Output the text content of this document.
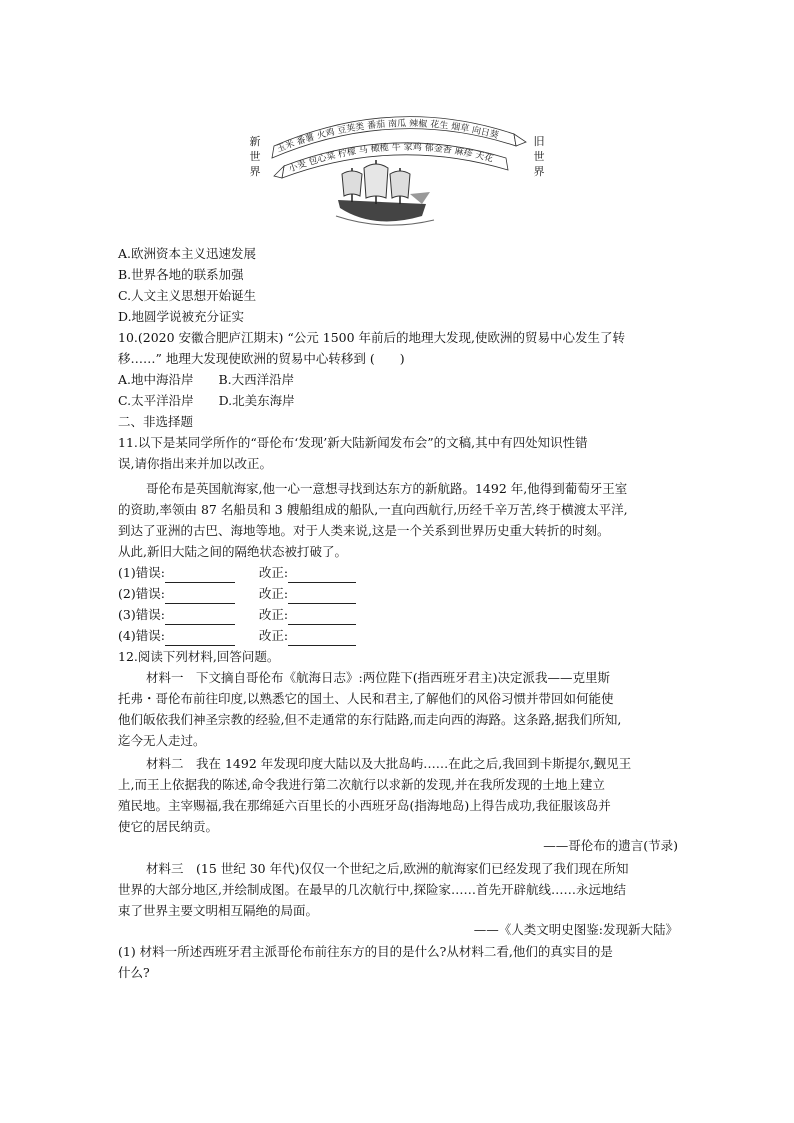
新
世
界
旧
世
界
玉米 番薯 火鸡 豆荚类 番茄 南瓜 辣椒 花生 烟草 向日葵
小麦 包心菜 柠檬 马 橄榄 牛 家鸡 郁金香 麻疹 天花
A.欧洲资本主义迅速发展
B.世界各地的联系加强
C.人文主义思想开始诞生
D.地圆学说被充分证实
10.(2020 安徽合肥庐江期末) “公元 1500 年前后的地理大发现,使欧洲的贸易中心发生了转
移……” 地理大发现使欧洲的贸易中心转移到 (　　)
A.地中海沿岸　　B.大西洋沿岸
C.太平洋沿岸　　D.北美东海岸
二、非选择题
11.以下是某同学所作的“哥伦布‘发现’新大陆新闻发布会”的文稿,其中有四处知识性错
误,请你指出来并加以改正。
哥伦布是英国航海家,他一心一意想寻找到达东方的新航路。1492 年,他得到葡萄牙王室
的资助,率领由 87 名船员和 3 艘船组成的船队,一直向西航行,历经千辛万苦,终于横渡太平洋,
到达了亚洲的古巴、海地等地。对于人类来说,这是一个关系到世界历史重大转折的时刻。
从此,新旧大陆之间的隔绝状态被打破了。
(1)错误:	改正:
(2)错误:	改正:
(3)错误:	改正:
(4)错误:	改正:
12.阅读下列材料,回答问题。
材料一　下文摘自哥伦布《航海日志》:两位陛下(指西班牙君主)决定派我——克里斯
托弗・哥伦布前往印度,以熟悉它的国土、人民和君主,了解他们的风俗习惯并带回如何能使
他们皈依我们神圣宗教的经验,但不走通常的东行陆路,而走向西的海路。这条路,据我们所知,
迄今无人走过。
材料二　我在 1492 年发现印度大陆以及大批岛屿……在此之后,我回到卡斯提尔,觐见王
上,而王上依据我的陈述,命令我进行第二次航行以求新的发现,并在我所发现的土地上建立
殖民地。主宰赐福,我在那绵延六百里长的小西班牙岛(指海地岛)上得告成功,我征服该岛并
使它的居民纳贡。
——哥伦布的遗言(节录)
材料三　(15 世纪 30 年代)仅仅一个世纪之后,欧洲的航海家们已经发现了我们现在所知
世界的大部分地区,并绘制成图。在最早的几次航行中,探险家……首先开辟航线……永远地结
束了世界主要文明相互隔绝的局面。
——《人类文明史图鉴:发现新大陆》
(1) 材料一所述西班牙君主派哥伦布前往东方的目的是什么?从材料二看,他们的真实目的是
什么?
